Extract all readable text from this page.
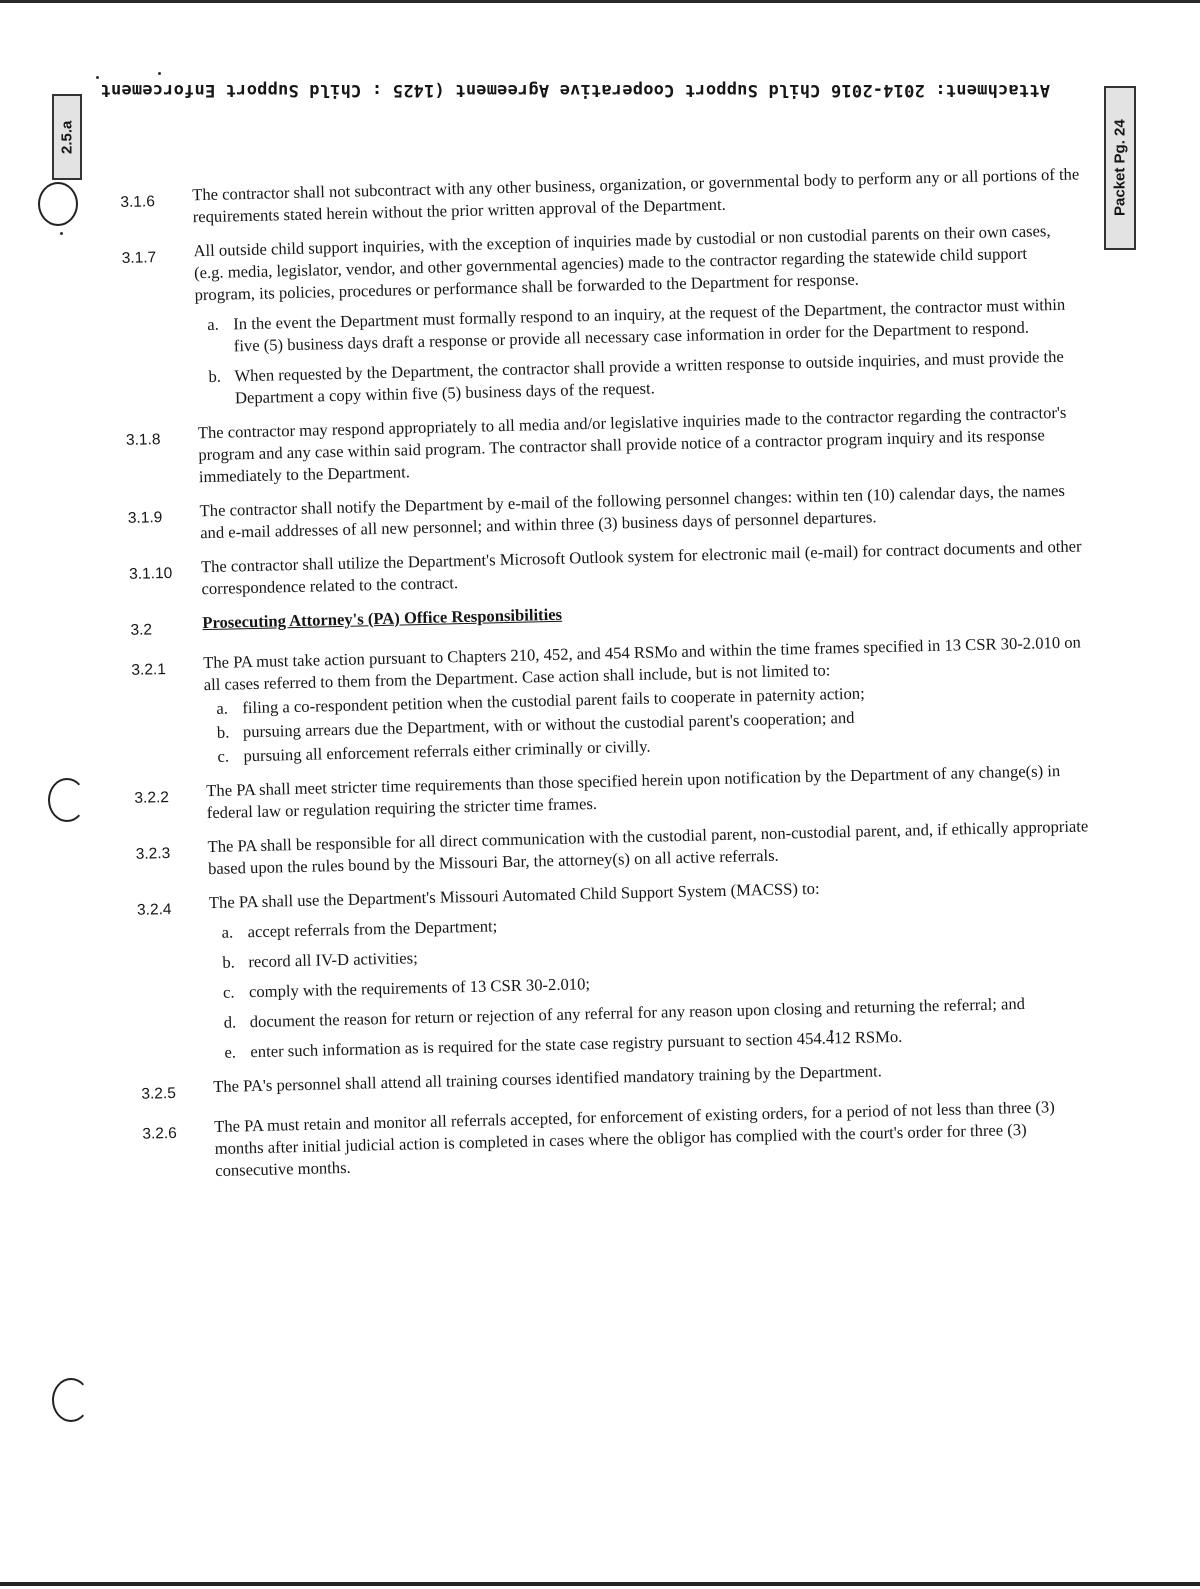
Attachment: 2014-2016 Child Support Cooperative Agreement (1425 : Child Support Enforcement
2.5.a	Packet Pg. 24
3.1.6	The contractor shall not subcontract with any other business, organization, or governmental body to perform any or all portions of the requirements stated herein without the prior written approval of the Department.
3.1.7	All outside child support inquiries, with the exception of inquiries made by custodial or non custodial parents on their own cases, (e.g. media, legislator, vendor, and other governmental agencies) made to the contractor regarding the statewide child support program, its policies, procedures or performance shall be forwarded to the Department for response.
a. In the event the Department must formally respond to an inquiry, at the request of the Department, the contractor must within five (5) business days draft a response or provide all necessary case information in order for the Department to respond.
b. When requested by the Department, the contractor shall provide a written response to outside inquiries, and must provide the Department a copy within five (5) business days of the request.
3.1.8	The contractor may respond appropriately to all media and/or legislative inquiries made to the contractor regarding the contractor's program and any case within said program. The contractor shall provide notice of a contractor program inquiry and its response immediately to the Department.
3.1.9	The contractor shall notify the Department by e-mail of the following personnel changes: within ten (10) calendar days, the names and e-mail addresses of all new personnel; and within three (3) business days of personnel departures.
3.1.10	The contractor shall utilize the Department's Microsoft Outlook system for electronic mail (e-mail) for contract documents and other correspondence related to the contract.
3.2	Prosecuting Attorney's (PA) Office Responsibilities
3.2.1	The PA must take action pursuant to Chapters 210, 452, and 454 RSMo and within the time frames specified in 13 CSR 30-2.010 on all cases referred to them from the Department. Case action shall include, but is not limited to:
a. filing a co-respondent petition when the custodial parent fails to cooperate in paternity action;
b. pursuing arrears due the Department, with or without the custodial parent's cooperation; and
c. pursuing all enforcement referrals either criminally or civilly.
3.2.2	The PA shall meet stricter time requirements than those specified herein upon notification by the Department of any change(s) in federal law or regulation requiring the stricter time frames.
3.2.3	The PA shall be responsible for all direct communication with the custodial parent, non-custodial parent, and, if ethically appropriate based upon the rules bound by the Missouri Bar, the attorney(s) on all active referrals.
3.2.4	The PA shall use the Department's Missouri Automated Child Support System (MACSS) to:
a. accept referrals from the Department;
b. record all IV-D activities;
c. comply with the requirements of 13 CSR 30-2.010;
d. document the reason for return or rejection of any referral for any reason upon closing and returning the referral; and
e. enter such information as is required for the state case registry pursuant to section 454.412 RSMo.
3.2.5	The PA's personnel shall attend all training courses identified mandatory training by the Department.
3.2.6	The PA must retain and monitor all referrals accepted, for enforcement of existing orders, for a period of not less than three (3) months after initial judicial action is completed in cases where the obligor has complied with the court's order for three (3) consecutive months.
